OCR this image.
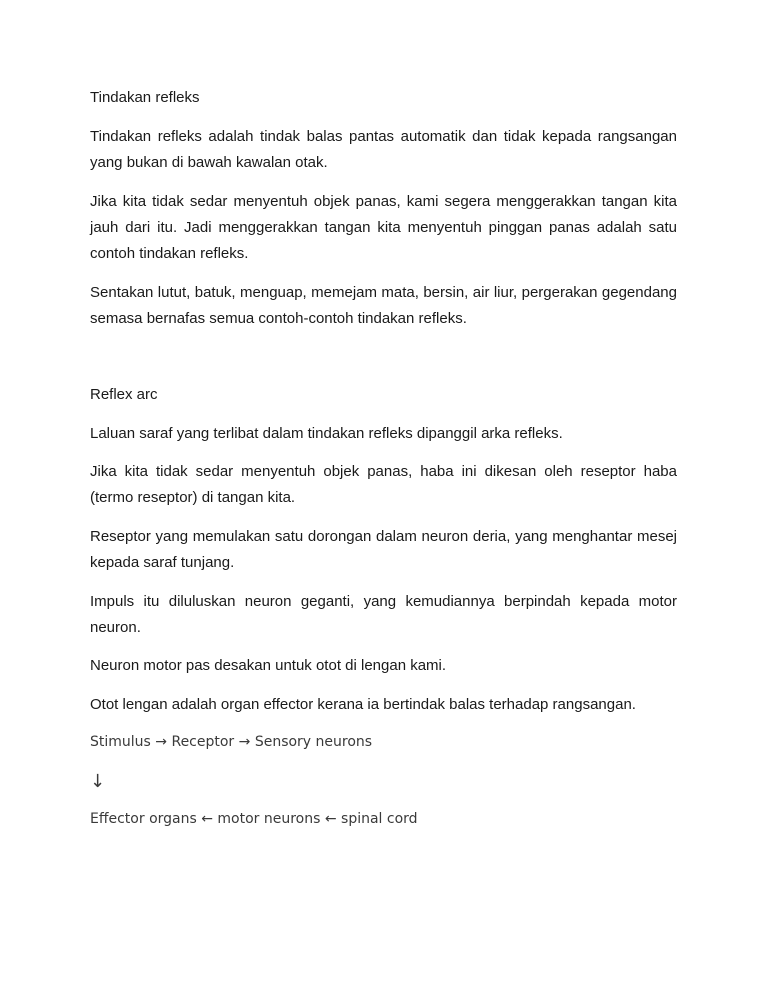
Tindakan refleks
Tindakan refleks adalah tindak balas pantas automatik dan tidak kepada rangsangan yang bukan di bawah kawalan otak.
Jika kita tidak sedar menyentuh objek panas, kami segera menggerakkan tangan kita jauh dari itu. Jadi menggerakkan tangan kita menyentuh pinggan panas adalah satu contoh tindakan refleks.
Sentakan lutut, batuk, menguap, memejam mata, bersin, air liur, pergerakan gegendang semasa bernafas semua contoh-contoh tindakan refleks.
Reflex arc
Laluan saraf yang terlibat dalam tindakan refleks dipanggil arka refleks.
Jika kita tidak sedar menyentuh objek panas, haba ini dikesan oleh reseptor haba (termo reseptor) di tangan kita.
Reseptor yang memulakan satu dorongan dalam neuron deria, yang menghantar mesej kepada saraf tunjang.
Impuls itu diluluskan neuron geganti, yang kemudiannya berpindah kepada motor neuron.
Neuron motor pas desakan untuk otot di lengan kami.
Otot lengan adalah organ effector kerana ia bertindak balas terhadap rangsangan.
Stimulus → Receptor → Sensory neurons
↓
Effector organs ← motor neurons ← spinal cord
